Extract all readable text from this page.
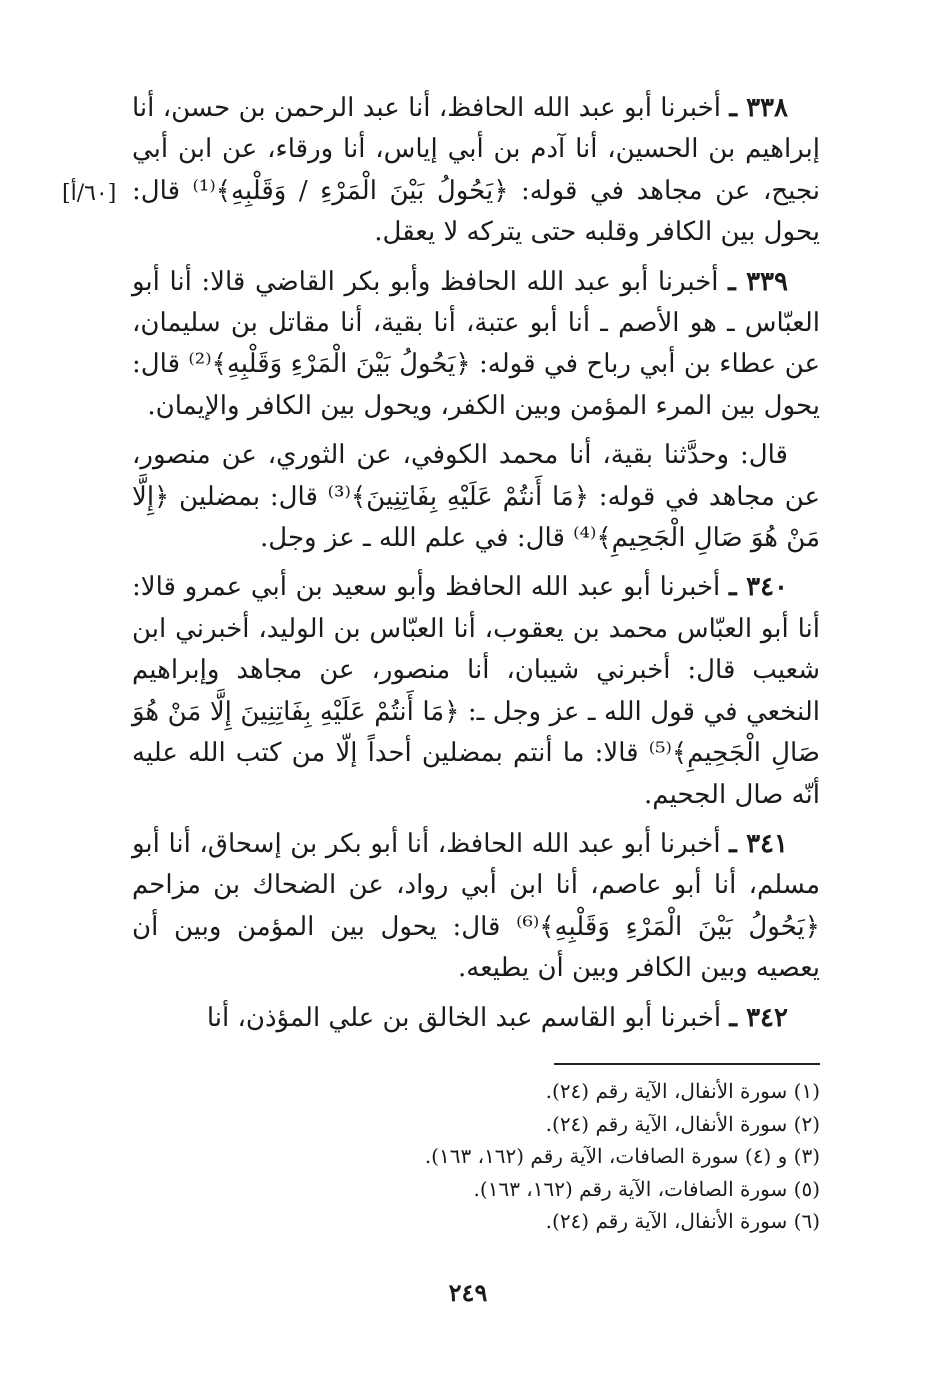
٣٣٨ ـ أخبرنا أبو عبد الله الحافظ، أنا عبد الرحمن بن حسن، أنا إبراهيم بن الحسين، أنا آدم بن أبي إياس، أنا ورقاء، عن ابن أبي نجيح، عن مجاهد في قوله: ﴿يَحُولُ بَيْنَ الْمَرْءِ / وَقَلْبِهِ﴾⁽¹⁾ قال: يحول بين الكافر وقلبه حتى يتركه لا يعقل.

٣٣٩ ـ أخبرنا أبو عبد الله الحافظ وأبو بكر القاضي قالا: أنا أبو العبّاس ـ هو الأصم ـ أنا أبو عتبة، أنا بقية، أنا مقاتل بن سليمان، عن عطاء بن أبي رباح في قوله: ﴿يَحُولُ بَيْنَ الْمَرْءِ وَقَلْبِهِ﴾⁽²⁾ قال: يحول بين المرء المؤمن وبين الكفر، ويحول بين الكافر والإيمان.

قال: وحدَّثنا بقية، أنا محمد الكوفي، عن الثوري، عن منصور، عن مجاهد في قوله: ﴿مَا أَنتُمْ عَلَيْهِ بِفَاتِنِينَ﴾⁽³⁾ قال: بمضلين ﴿إِلَّا مَنْ هُوَ صَالِ الْجَحِيمِ﴾⁽⁴⁾ قال: في علم الله ـ عز وجل.

٣٤٠ ـ أخبرنا أبو عبد الله الحافظ وأبو سعيد بن أبي عمرو قالا: أنا أبو العبّاس محمد بن يعقوب، أنا العبّاس بن الوليد، أخبرني ابن شعيب قال: أخبرني شيبان، أنا منصور، عن مجاهد وإبراهيم النخعي في قول الله ـ عز وجل ـ: ﴿مَا أَنتُمْ عَلَيْهِ بِفَاتِنِينَ إِلَّا مَنْ هُوَ صَالِ الْجَحِيمِ﴾⁽⁵⁾ قالا: ما أنتم بمضلين أحداً إلّا من كتب الله عليه أنّه صال الجحيم.

٣٤١ ـ أخبرنا أبو عبد الله الحافظ، أنا أبو بكر بن إسحاق، أنا أبو مسلم، أنا أبو عاصم، أنا ابن أبي رواد، عن الضحاك بن مزاحم ﴿يَحُولُ بَيْنَ الْمَرْءِ وَقَلْبِهِ﴾⁽⁶⁾ قال: يحول بين المؤمن وبين أن يعصيه وبين الكافر وبين أن يطيعه.

٣٤٢ ـ أخبرنا أبو القاسم عبد الخالق بن علي المؤذن، أنا

[٦٠/أ]

(١) سورة الأنفال، الآية رقم (٢٤).

(٢) سورة الأنفال، الآية رقم (٢٤).

(٣) و (٤) سورة الصافات، الآية رقم (١٦٢، ١٦٣).

(٥) سورة الصافات، الآية رقم (١٦٢، ١٦٣).

(٦) سورة الأنفال، الآية رقم (٢٤).

٢٤٩
